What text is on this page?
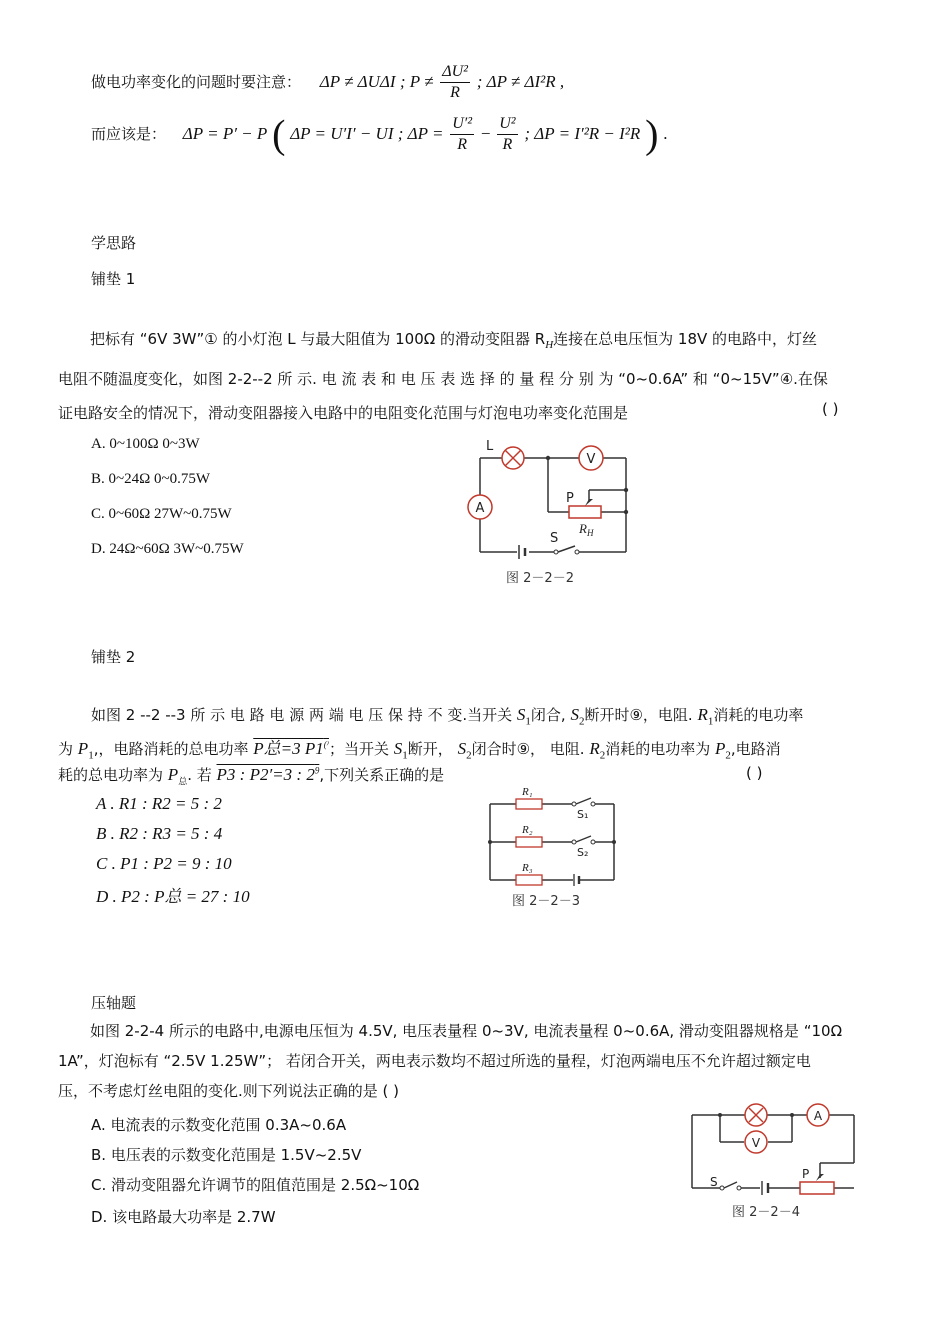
做电功率变化的问题时要注意： ΔP ≠ ΔUΔI ; $P \ne \frac{\text{ΔU²}}{R}$ ; ΔP ≠ ΔI²R ,
而应该是： ΔP = P′ − P ( ΔP = U′I′ − UI ; $\Delta P = \frac{\text{U′²}}{R} - \frac{\text{U²}}{R}$ ; ΔP = I′²R − I²R ) .
学思路
铺垫 1
把标有 “6V 3W”① 的小灯泡 L 与最大阻值为 100Ω 的滑动变阻器 $R_H$连接在总电压恒为 18V 的电路中，灯丝
电阻不随温度变化，如图 2-2--2 所 示. 电 流 表 和 电 压 表 选 择 的 量 程 分 别 为 “0~0.6A” 和 “0~15V”④.在保
证电路安全的情况下，滑动变阻器接入电路中的电阻变化范围与灯泡电功率变化范围是	( )
A. 0~100Ω 0~3W
B. 0~24Ω 0~0.75W
C. 0~60Ω 27W~0.75W
D. 24Ω~60Ω 3W~0.75W
V
A
L
P
$R_H$
S
图 2－2－2
铺垫 2
如图 2 --2 --3 所 示 电 路 电 源 两 端 电 压 保 持 不 变.当开关 $S_1$闭合, $S_2$断开时⑨，电阻. $R_1$消耗的电功率
为 $P_1$,，电路消耗的总电功率 P总=3 P1(⁾；当开关 $S_1$断开， $S_2$闭合时⑨， 电阻. $R_2$消耗的电功率为 $P_2$,电路消
耗的总电功率为 $P_总$. 若 P3 : P2′=3 : $2^9$,下列关系正确的是	( )
A . R1 : R2 = 5 : 2
B . R2 : R3 = 5 : 4
C . P1 : P2 = 9 : 10
D . P2 : P总 = 27 : 10
R₁
R₂
R₃
S₁
S₂
图 2－2－3
压轴题
如图 2-2-4 所示的电路中,电源电压恒为 4.5V, 电压表量程 0~3V, 电流表量程 0~0.6A, 滑动变阻器规格是 “10Ω
1A”，灯泡标有 “2.5V 1.25W”； 若闭合开关，两电表示数均不超过所选的量程，灯泡两端电压不允许超过额定电
压，不考虑灯丝电阻的变化.则下列说法正确的是 ( )
A. 电流表的示数变化范围 0.3A~0.6A
B. 电压表的示数变化范围是 1.5V~2.5V
C. 滑动变阻器允许调节的阻值范围是 2.5Ω~10Ω
D. 该电路最大功率是 2.7W
A
V
S
P
图 2－2－4
